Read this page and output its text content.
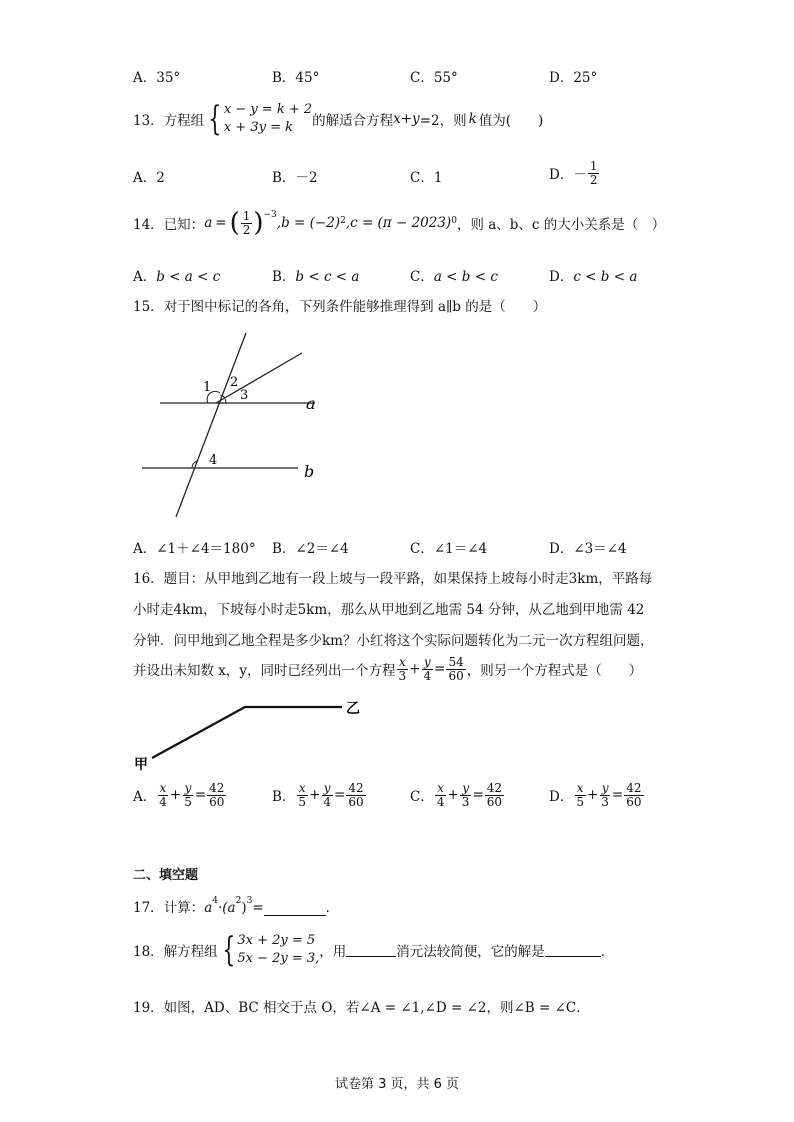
A．35°	B．45°	C．55°	D．25°
13． 方程组 { x − y = k + 2
x + 3y = k	的解适合方程 x+y =2，则 k 值为(　　)
A．2	B．－2	C．1	D． － $\frac{1}{2}$
14． 已知： a = ( $\frac{1}{2} )^{-3}$
,b = (−2) 2 ,c = (π − 2023) 0 ，则 a、b、c 的大小关系是（　）
A．b < a < c	B．b < c < a	C．a < b < c	D．c < b < a
15．对于图中标记的各角，下列条件能够推理得到 a∥b 的是（　　）
1 2
3
4
a
b
A．∠1＋∠4＝180° B．∠2＝∠4	C．∠1＝∠4	D．∠3＝∠4
16．题目：从甲地到乙地有一段上坡与一段平路，如果保持上坡每小时走3km，平路每
小时走4km，下坡每小时走5km，那么从甲地到乙地需 54 分钟，从乙地到甲地需 42
分钟．问甲地到乙地全程是多少km？小红将这个实际问题转化为二元一次方程组问题，
并设出未知数 x，y，同时已经列出一个方程 $\frac{x}{3} + \frac{y}{4} = \frac{54}{60}$ ，则另一个方程式是（　　）
甲
乙
A． $\frac{x}{4} + \frac{y}{5} = \frac{42}{60}$	B． $\frac{x}{5} + \frac{y}{4} = \frac{42}{60}$	C． $\frac{x}{4} + \frac{y}{3} = \frac{42}{60}$	D． $\frac{x}{5} + \frac{y}{3} = \frac{42}{60}$
二、填空题
17． 计算： $a^4 \cdot(a^2$ )$^3$ =	．
18． 解方程组 { 3x + 2y = 5
5x − 2y = 3, ，用	消元法较简便，它的解是	．
19．如图，AD、BC 相交于点 O，若∠A = ∠1,∠D = ∠2，则∠B = ∠C．
试卷第 3 页，共 6 页
